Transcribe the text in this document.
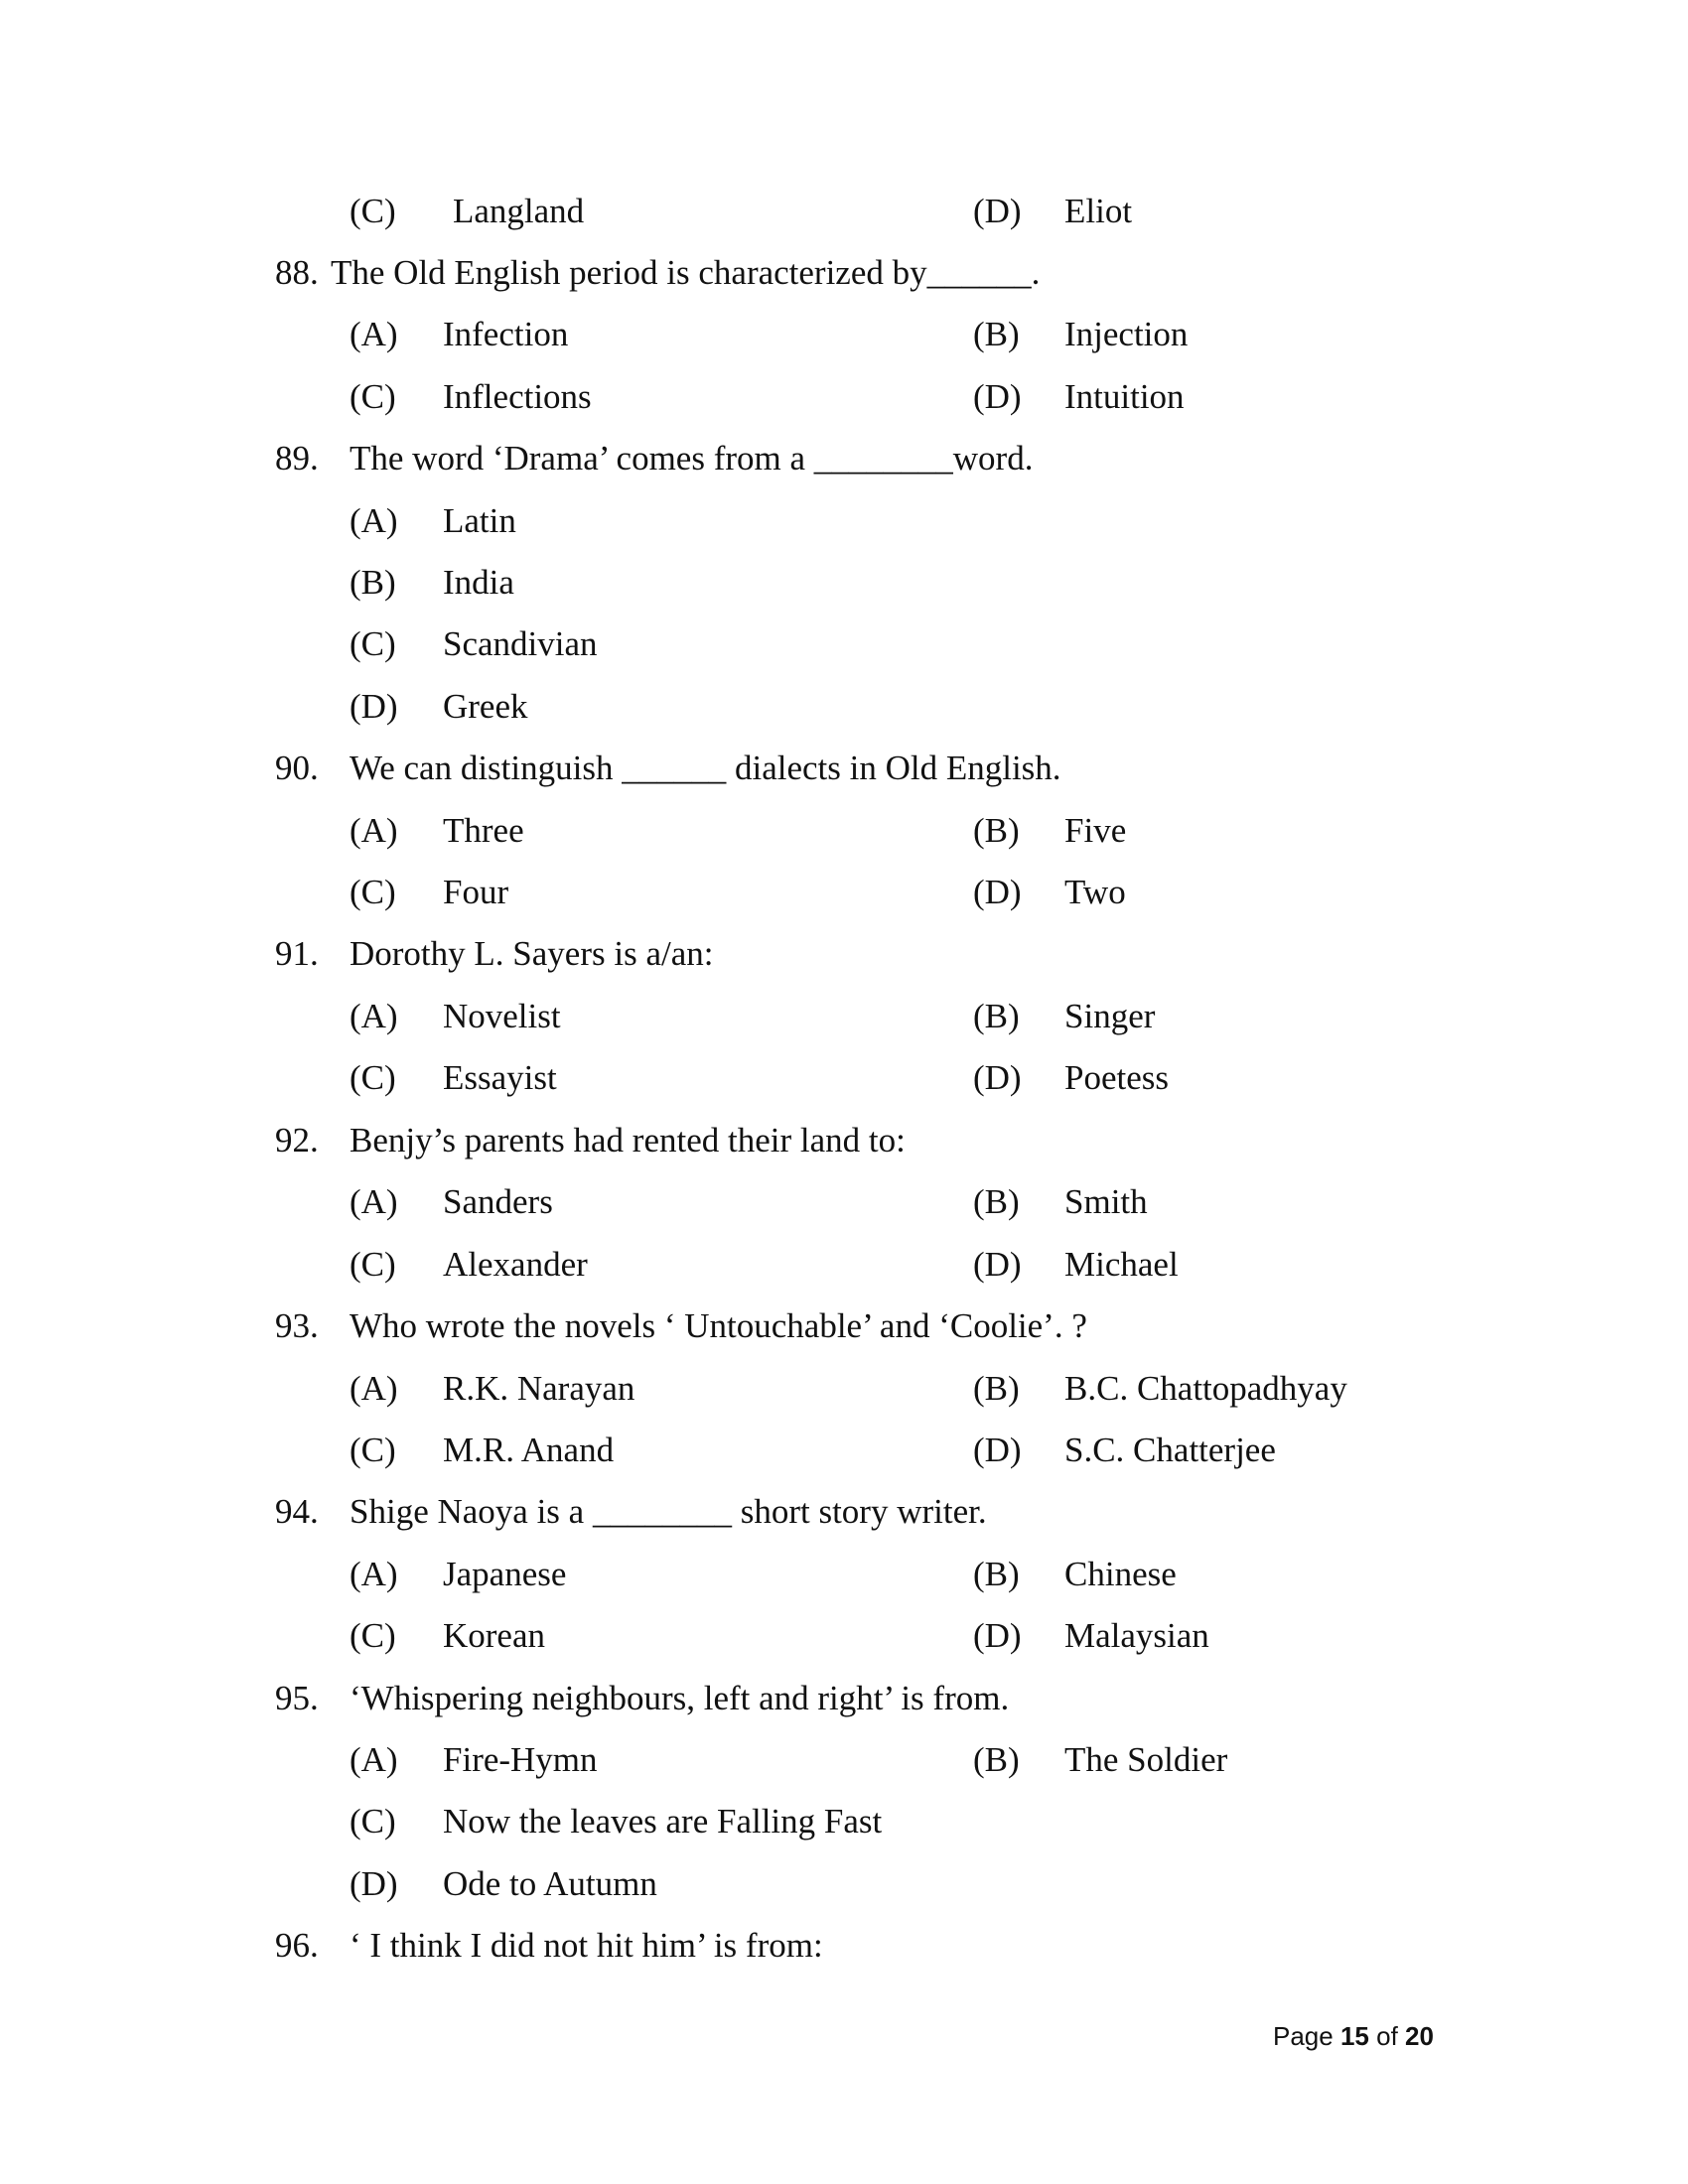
(C) Langland	(D) Eliot
88. The Old English period is characterized by______.
(A) Infection	(B) Injection
(C) Inflections	(D) Intuition
89. The word ‘Drama’ comes from a ________word.
(A) Latin
(B) India
(C) Scandivian
(D) Greek
90. We can distinguish ______ dialects in Old English.
(A) Three	(B) Five
(C) Four	(D) Two
91. Dorothy L. Sayers is a/an:
(A) Novelist	(B) Singer
(C) Essayist	(D) Poetess
92. Benjy’s parents had rented their land to:
(A) Sanders	(B) Smith
(C) Alexander	(D) Michael
93. Who wrote the novels ‘ Untouchable’ and ‘Coolie’. ?
(A) R.K. Narayan	(B) B.C. Chattopadhyay
(C) M.R. Anand	(D) S.C. Chatterjee
94. Shige Naoya is a ________ short story writer.
(A) Japanese	(B) Chinese
(C) Korean	(D) Malaysian
95. ‘Whispering neighbours, left and right’ is from.
(A) Fire-Hymn	(B) The Soldier
(C) Now the leaves are Falling Fast
(D) Ode to Autumn
96. ‘ I think I did not hit him’ is from:
Page 15 of 20
